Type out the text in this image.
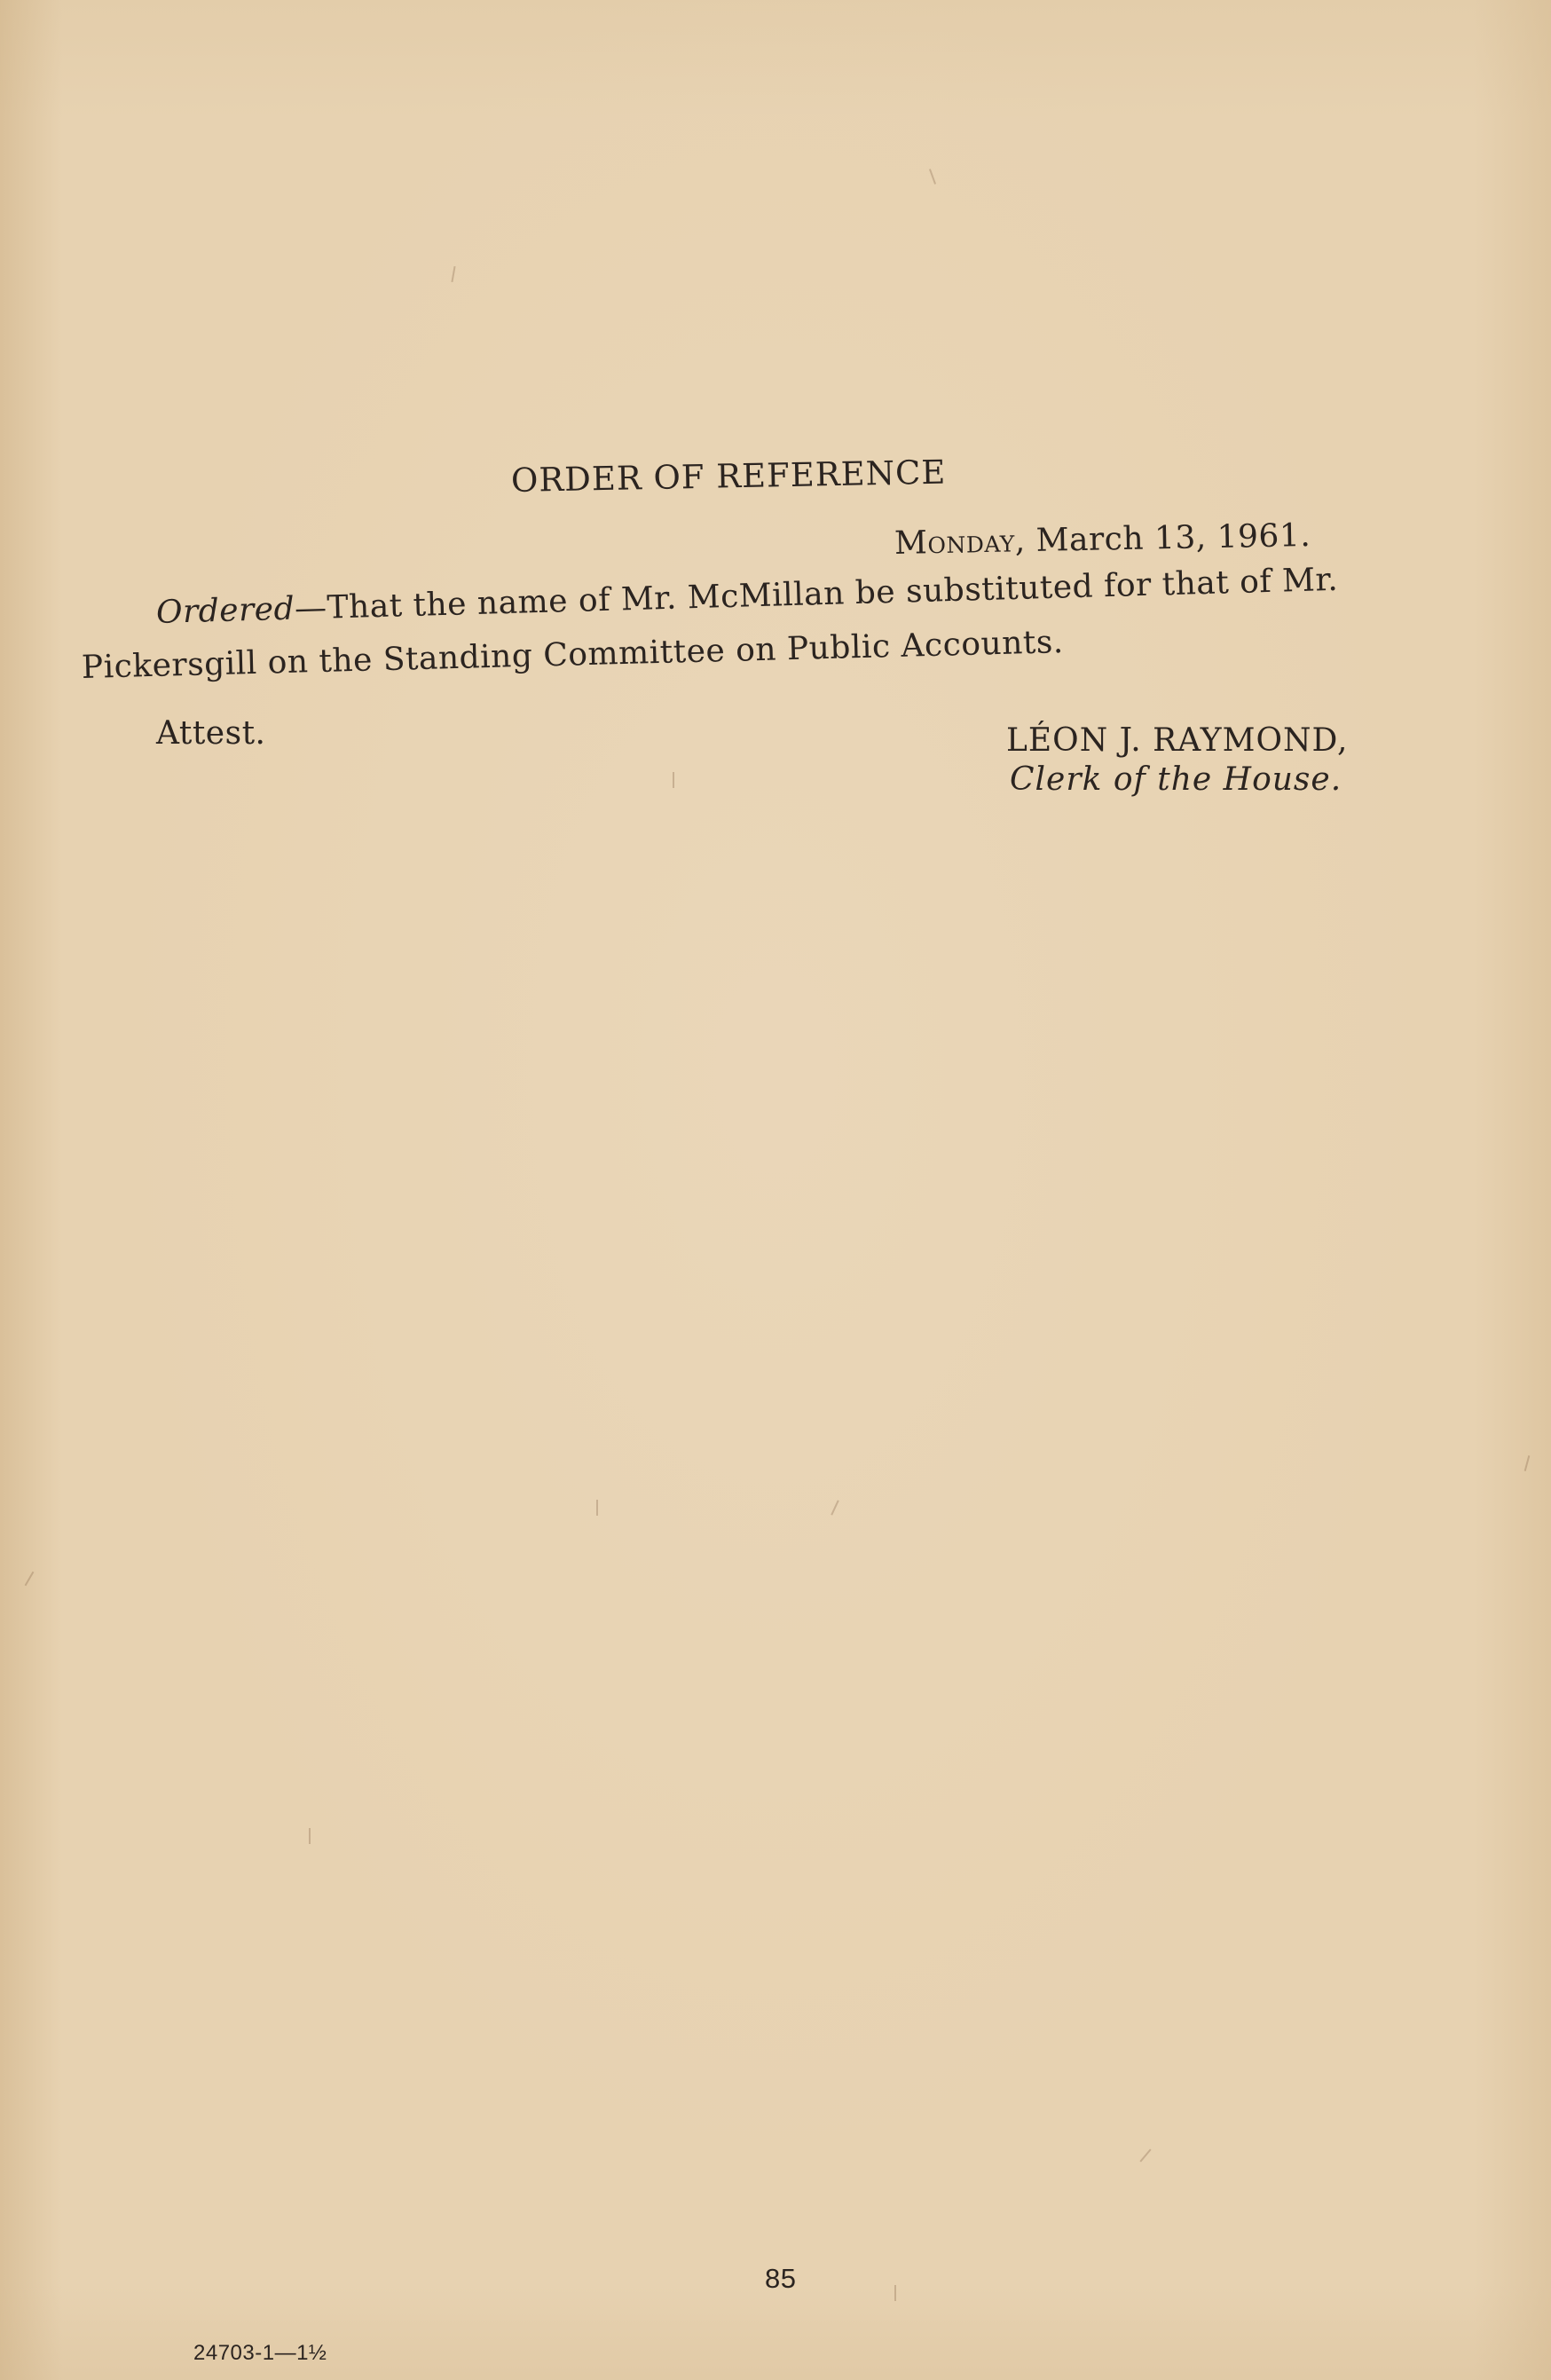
ORDER OF REFERENCE
Monday, March 13, 1961.
Ordered—That the name of Mr. McMillan be substituted for that of Mr.
Pickersgill on the Standing Committee on Public Accounts.
Attest.	LÉON J. RAYMOND,
Clerk of the House.
85
24703-1—1½
